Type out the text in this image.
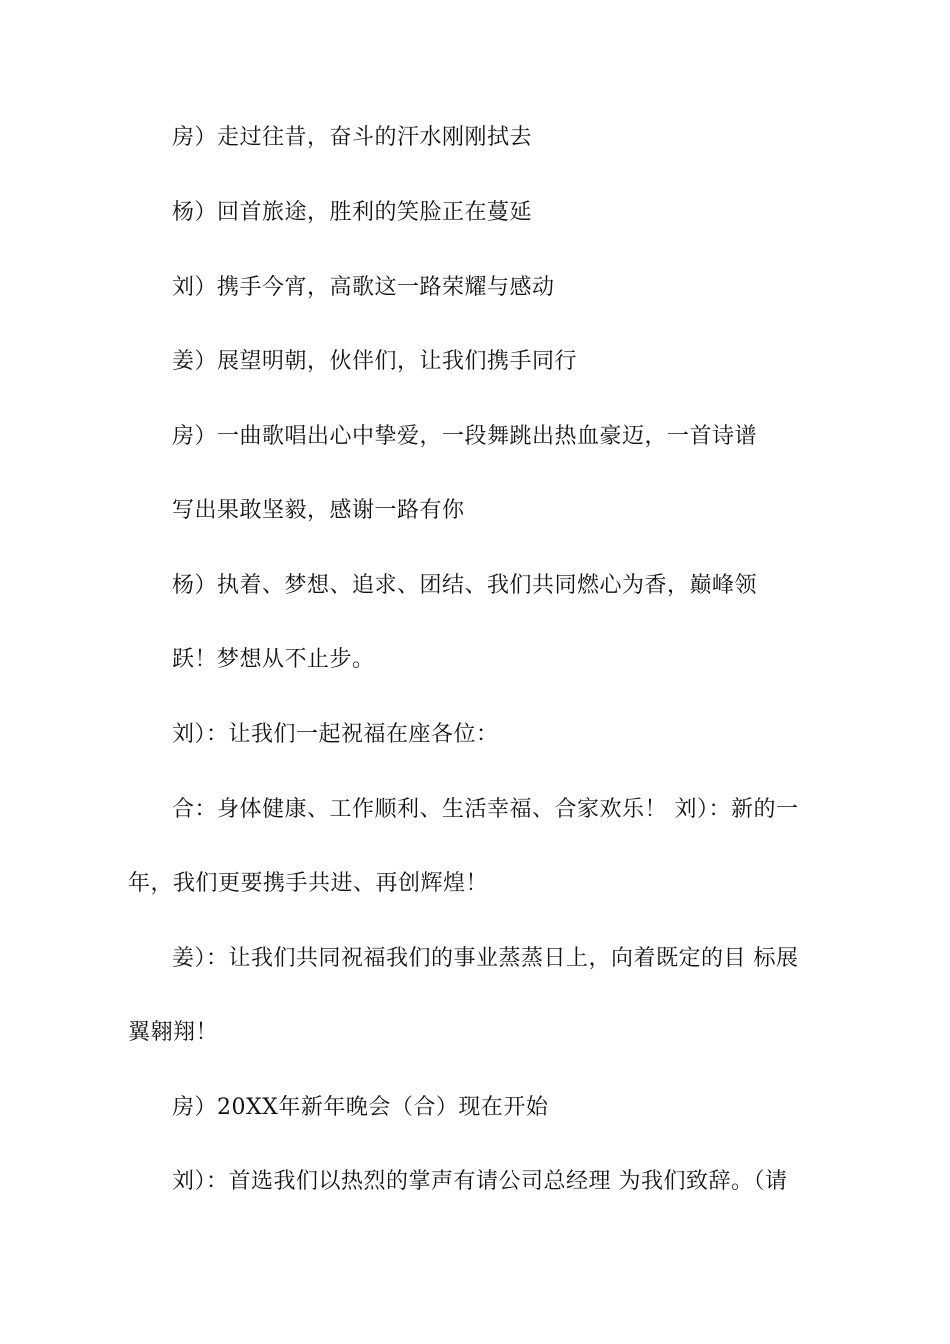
房）走过往昔，奋斗的汗水刚刚拭去
杨）回首旅途，胜利的笑脸正在蔓延
刘）携手今宵，高歌这一路荣耀与感动
姜）展望明朝，伙伴们，让我们携手同行
房）一曲歌唱出心中挚爱，一段舞跳出热血豪迈，一首诗谱
写出果敢坚毅，感谢一路有你
杨）执着、梦想、追求、团结、我们共同燃心为香，巅峰领
跃！梦想从不止步。
刘）：让我们一起祝福在座各位：
合：身体健康、工作顺利、生活幸福、合家欢乐！ 刘）：新的一
年，我们更要携手共进、再创辉煌！
姜）：让我们共同祝福我们的事业蒸蒸日上，向着既定的目 标展
翼翱翔！
房）20XX年新年晚会（合）现在开始
刘）：首选我们以热烈的掌声有请公司总经理 为我们致辞。（请
